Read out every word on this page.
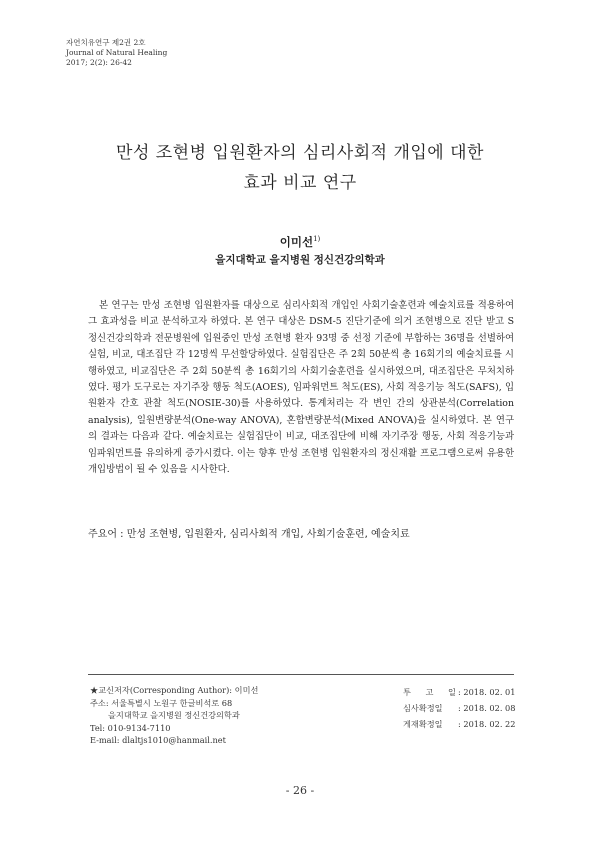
자연치유연구 제2권 2호
Journal of Natural Healing
2017; 2(2): 26-42
만성 조현병 입원환자의 심리사회적 개입에 대한
효과 비교 연구
이미선$^{1)}$
을지대학교 을지병원 정신건강의학과
본 연구는 만성 조현병 입원환자를 대상으로 심리사회적 개입인 사회기술훈련과 예술치료를 적용하여 그 효과성을 비교 분석하고자 하였다. 본 연구 대상은 DSM-5 진단기준에 의거 조현병으로 진단 받고 S정신건강의학과 전문병원에 입원중인 만성 조현병 환자 93명 중 선정 기준에 부합하는 36명을 선별하여 실험, 비교, 대조집단 각 12명씩 무선할당하였다. 실험집단은 주 2회 50분씩 총 16회기의 예술치료를 시행하였고, 비교집단은 주 2회 50분씩 총 16회기의 사회기술훈련을 실시하였으며, 대조집단은 무처치하였다. 평가 도구로는 자기주장 행동 척도(AOES), 임파워먼트 척도(ES), 사회 적응기능 척도(SAFS), 입원환자 간호 관찰 척도(NOSIE-30)를 사용하였다. 통계처리는 각 변인 간의 상관분석(Correlation analysis), 일원변량분석(One-way ANOVA), 혼합변량분석(Mixed ANOVA)을 실시하였다. 본 연구의 결과는 다음과 같다. 예술치료는 실험집단이 비교, 대조집단에 비해 자기주장 행동, 사회 적응기능과 임파워먼트를 유의하게 증가시켰다. 이는 향후 만성 조현병 입원환자의 정신재활 프로그램으로써 유용한 개입방법이 될 수 있음을 시사한다.
주요어 : 만성 조현병, 입원환자, 심리사회적 개입, 사회기술훈련, 예술치료
★교신저자(Corresponding Author): 이미선
주소: 서울특별시 노원구 한글비석로 68
을지대학교 을지병원 정신건강의학과
Tel: 010-9134-7110
E-mail: dlaltjs1010@hanmail.net
투 고 일
: 2018. 02. 01
심사확정일	: 2018. 02. 08
게재확정일	: 2018. 02. 22
- 26 -
